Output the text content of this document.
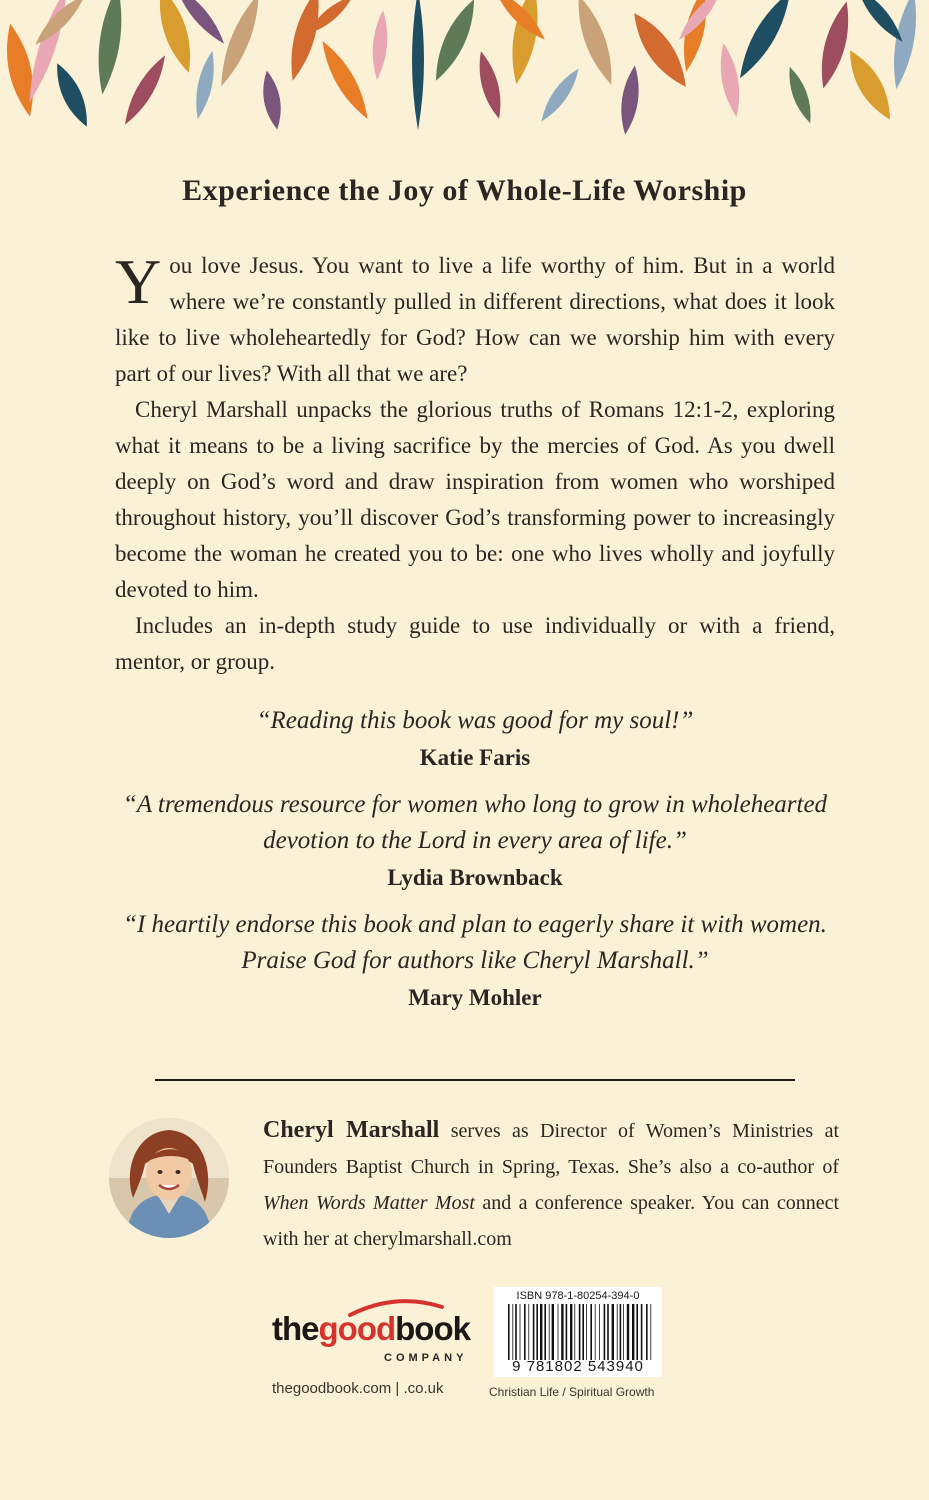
Experience the Joy of Whole-Life Worship

You love Jesus. You want to live a life worthy of him. But in a world where we’re constantly pulled in different directions, what does it look like to live wholeheartedly for God? How can we worship him with every part of our lives? With all that we are?

Cheryl Marshall unpacks the glorious truths of Romans 12:1-2, exploring what it means to be a living sacrifice by the mercies of God. As you dwell deeply on God’s word and draw inspiration from women who worshiped throughout history, you’ll discover God’s transforming power to increasingly become the woman he created you to be: one who lives wholly and joyfully devoted to him.

Includes an in-depth study guide to use individually or with a friend, mentor, or group.

“Reading this book was good for my soul!”
Katie Faris
“A tremendous resource for women who long to grow in wholehearted devotion to the Lord in every area of life.”
Lydia Brownback
“I heartily endorse this book and plan to eagerly share it with women. Praise God for authors like Cheryl Marshall.”
Mary Mohler
Cheryl Marshall serves as Director of Women’s Ministries at Founders Baptist Church in Spring, Texas. She’s also a co-author of When Words Matter Most and a conference speaker. You can connect with her at cherylmarshall.com
thegoodbook
COMPANY
thegoodbook.com | .co.uk
ISBN 978-1-80254-394-0
9 781802 543940
Christian Life / Spiritual Growth
